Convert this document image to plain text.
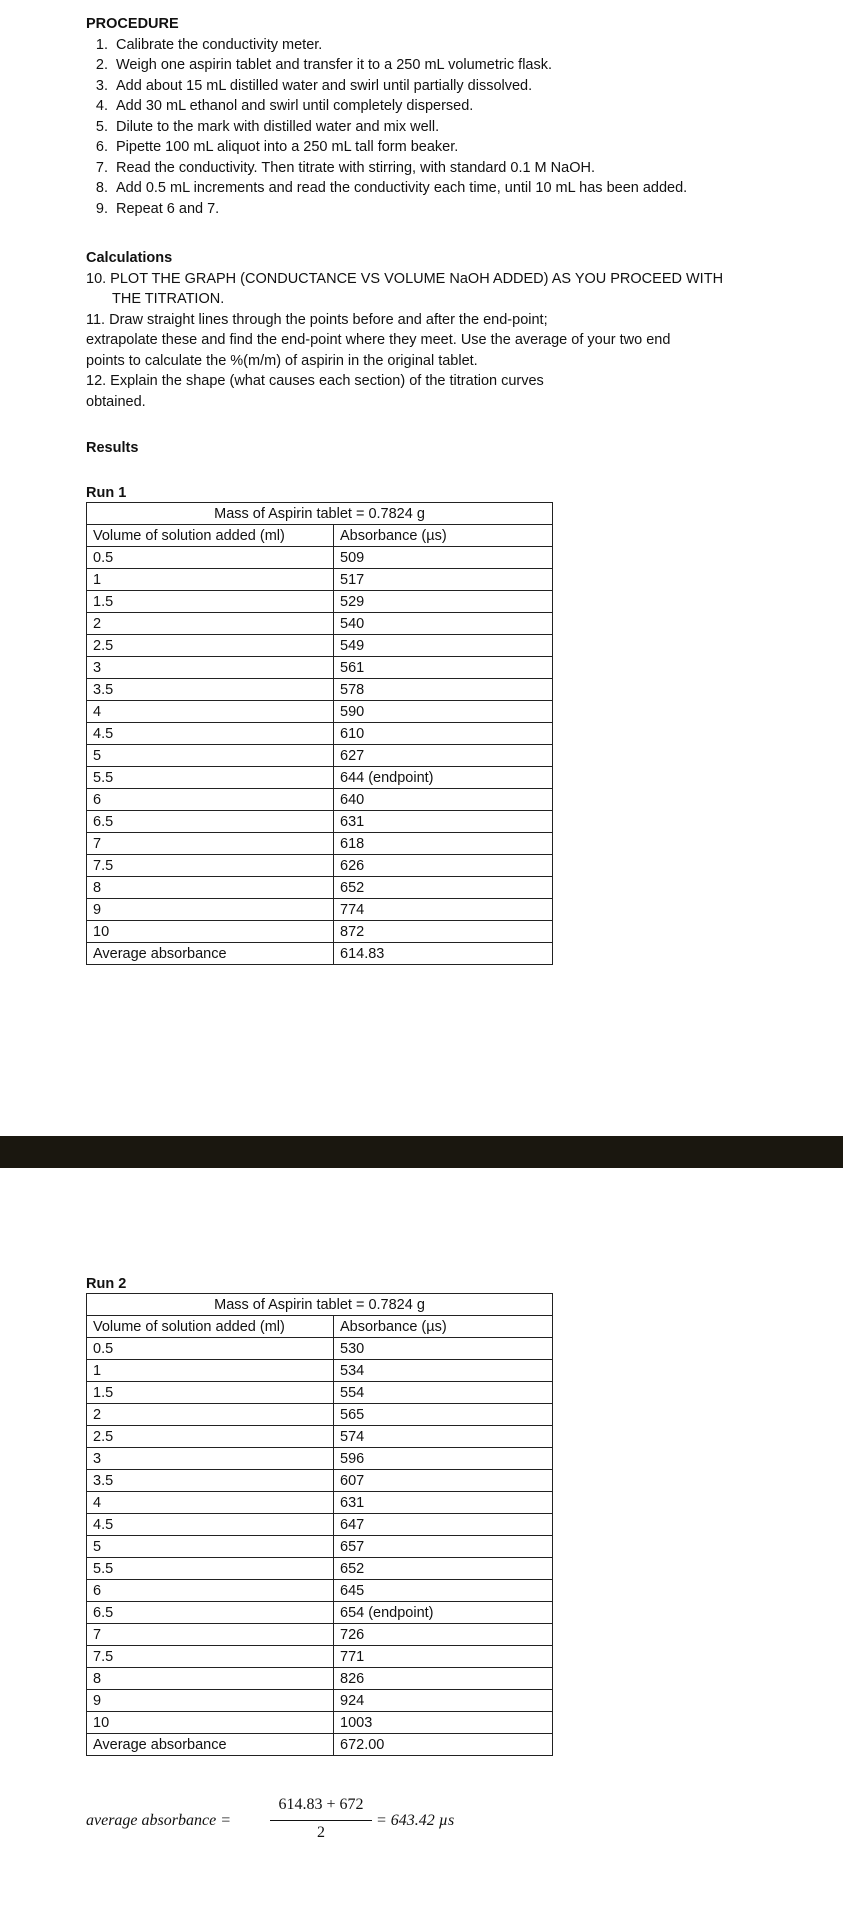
PROCEDURE
1. Calibrate the conductivity meter.
2. Weigh one aspirin tablet and transfer it to a 250 mL volumetric flask.
3. Add about 15 mL distilled water and swirl until partially dissolved.
4. Add 30 mL ethanol and swirl until completely dispersed.
5. Dilute to the mark with distilled water and mix well.
6. Pipette 100 mL aliquot into a 250 mL tall form beaker.
7. Read the conductivity. Then titrate with stirring, with standard 0.1 M NaOH.
8. Add 0.5 mL increments and read the conductivity each time, until 10 mL has been added.
9. Repeat 6 and 7.
Calculations

10. PLOT THE GRAPH (CONDUCTANCE VS VOLUME NaOH ADDED) AS YOU PROCEED WITH

THE TITRATION.

11. Draw straight lines through the points before and after the end-point;

extrapolate these and find the end-point where they meet. Use the average of your two end

points to calculate the %(m/m) of aspirin in the original tablet.

12. Explain the shape (what causes each section) of the titration curves

obtained.

Results
Run 1
Mass of Aspirin tablet = 0.7824 g	
Volume of solution added (ml)	Absorbance (µs)
0.5	509
1	517
1.5	529
2	540
2.5	549
3	561
3.5	578
4	590
4.5	610
5	627
5.5	644 (endpoint)
6	640
6.5	631
7	618
7.5	626
8	652
9	774
10	872
Average absorbance	614.83
Run 2
Mass of Aspirin tablet = 0.7824 g	
Volume of solution added (ml)	Absorbance (µs)
0.5	530
1	534
1.5	554
2	565
2.5	574
3	596
3.5	607
4	631
4.5	647
5	657
5.5	652
6	645
6.5	654 (endpoint)
7	726
7.5	771
8	826
9	924
10	1003
Average absorbance	672.00
average absorbance =
614.83 + 672
2
= 643.42 µs
